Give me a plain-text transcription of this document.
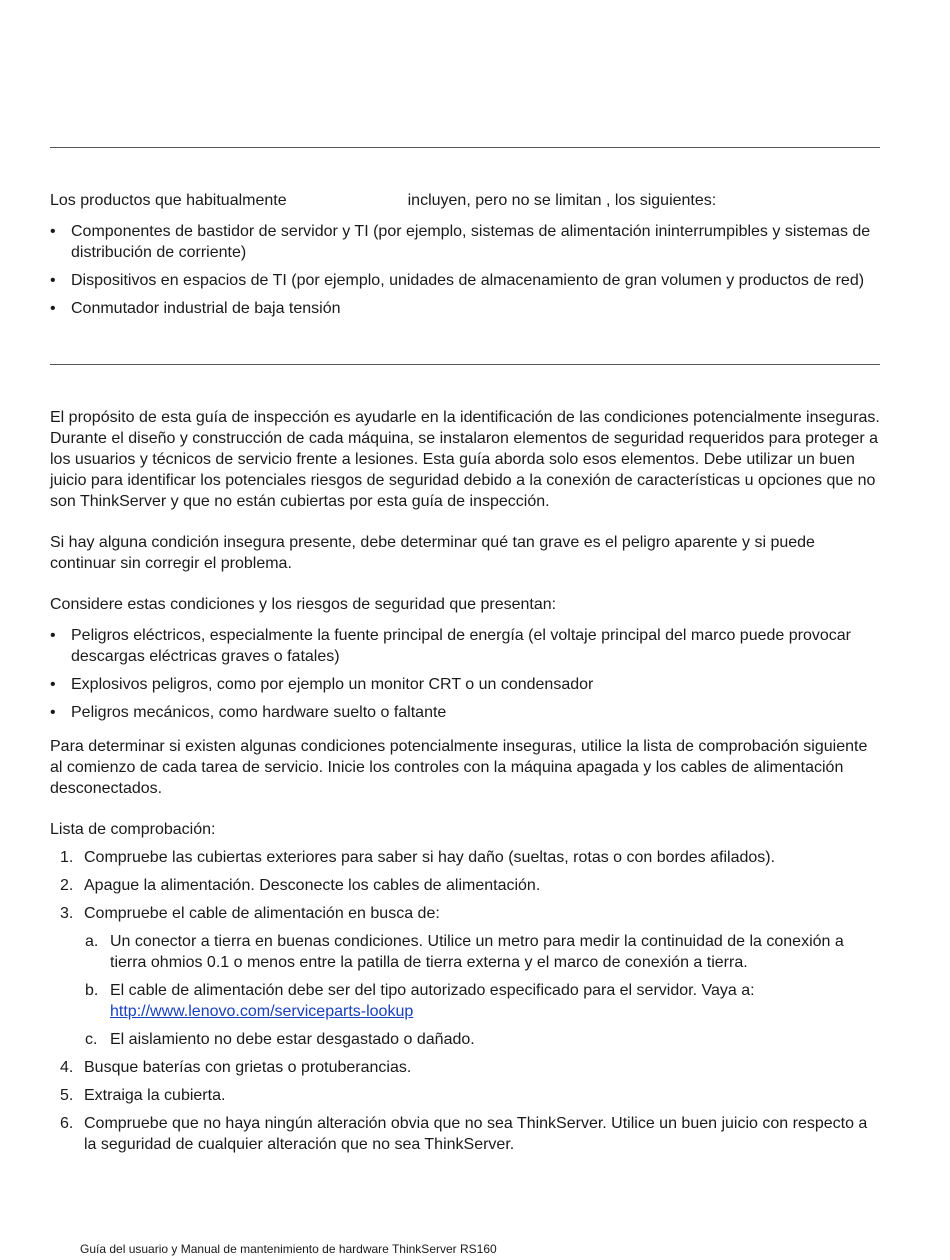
Los productos que habitualmente	incluyen, pero no se limitan , los siguientes:

• Componentes de bastidor de servidor y TI (por ejemplo, sistemas de alimentación ininterrumpibles y sistemas de distribución de corriente)
• Dispositivos en espacios de TI (por ejemplo, unidades de almacenamiento de gran volumen y productos de red)
• Conmutador industrial de baja tensión

El propósito de esta guía de inspección es ayudarle en la identificación de las condiciones potencialmente inseguras. Durante el diseño y construcción de cada máquina, se instalaron elementos de seguridad requeridos para proteger a los usuarios y técnicos de servicio frente a lesiones. Esta guía aborda solo esos elementos. Debe utilizar un buen juicio para identificar los potenciales riesgos de seguridad debido a la conexión de características u opciones que no son ThinkServer y que no están cubiertas por esta guía de inspección.

Si hay alguna condición insegura presente, debe determinar qué tan grave es el peligro aparente y si puede continuar sin corregir el problema.

Considere estas condiciones y los riesgos de seguridad que presentan:

• Peligros eléctricos, especialmente la fuente principal de energía (el voltaje principal del marco puede provocar descargas eléctricas graves o fatales)
• Explosivos peligros, como por ejemplo un monitor CRT o un condensador
• Peligros mecánicos, como hardware suelto o faltante

Para determinar si existen algunas condiciones potencialmente inseguras, utilice la lista de comprobación siguiente al comienzo de cada tarea de servicio. Inicie los controles con la máquina apagada y los cables de alimentación desconectados.

Lista de comprobación:

1. Compruebe las cubiertas exteriores para saber si hay daño (sueltas, rotas o con bordes afilados).
2. Apague la alimentación. Desconecte los cables de alimentación.
3. Compruebe el cable de alimentación en busca de:
a. Un conector a tierra en buenas condiciones. Utilice un metro para medir la continuidad de la conexión a tierra ohmios 0.1 o menos entre la patilla de tierra externa y el marco de conexión a tierra.
b. El cable de alimentación debe ser del tipo autorizado especificado para el servidor. Vaya a:
http://www.lenovo.com/serviceparts-lookup
c. El aislamiento no debe estar desgastado o dañado.
4. Busque baterías con grietas o protuberancias.
5. Extraiga la cubierta.
6. Compruebe que no haya ningún alteración obvia que no sea ThinkServer. Utilice un buen juicio con respecto a la seguridad de cualquier alteración que no sea ThinkServer.
Guía del usuario y Manual de mantenimiento de hardware ThinkServer RS160
